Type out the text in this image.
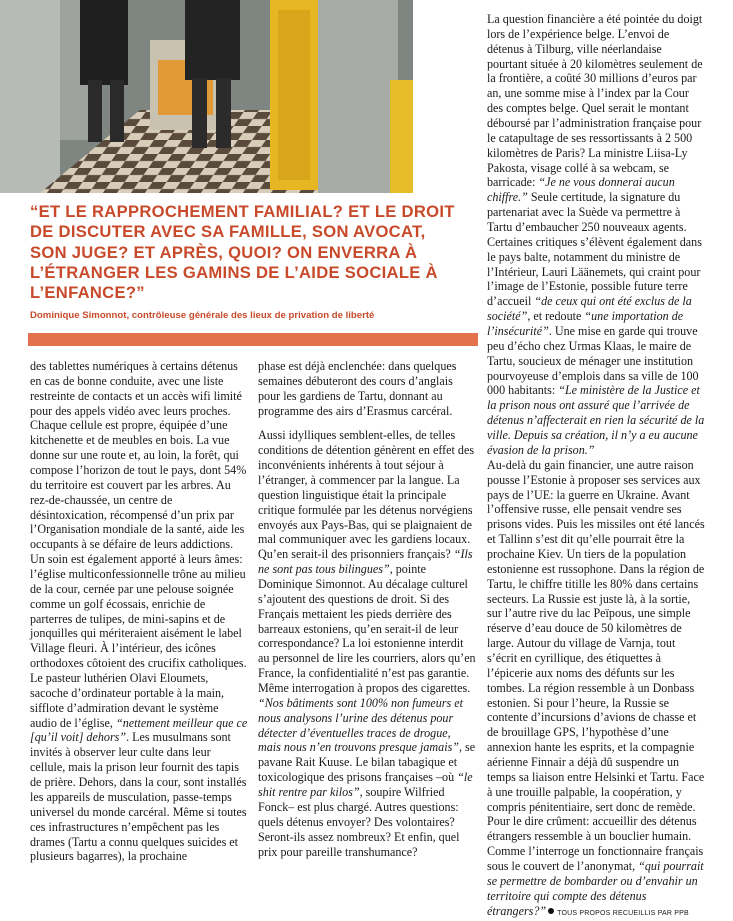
“ET LE RAPPROCHEMENT FAMILIAL? ET LE DROIT DE DISCUTER AVEC SA FAMILLE, SON AVOCAT, SON JUGE? ET APRÈS, QUOI? ON ENVERRA À L’ÉTRANGER LES GAMINS DE L’AIDE SOCIALE À L’ENFANCE?”

Dominique Simonnot, contrôleuse générale des lieux de privation de liberté

des tablettes numériques à certains détenus en cas de bonne conduite, avec une liste restreinte de contacts et un accès wifi limité pour des appels vidéo avec leurs proches. Chaque cellule est propre, équipée d’une kitchenette et de meubles en bois. La vue donne sur une route et, au loin, la forêt, qui compose l’horizon de tout le pays, dont 54% du territoire est couvert par les arbres. Au rez-de-chaussée, un centre de désintoxication, récompensé d’un prix par l’Organisation mondiale de la santé, aide les occupants à se défaire de leurs addictions. Un soin est également apporté à leurs âmes: l’église multiconfessionnelle trône au milieu de la cour, cernée par une pelouse soignée comme un golf écossais, enrichie de parterres de tulipes, de mini-sapins et de jonquilles qui mériteraient aisément le label Village fleuri. À l’intérieur, des icônes orthodoxes côtoient des crucifix catholiques. Le pasteur luthérien Olavi Eloumets, sacoche d’ordinateur portable à la main, sifflote d’admiration devant le système audio de l’église, “nettement meilleur que ce [qu’il voit] dehors”. Les musulmans sont invités à observer leur culte dans leur cellule, mais la prison leur fournit des tapis de prière. Dehors, dans la cour, sont installés les appareils de musculation, passe-temps universel du monde carcéral. Même si toutes ces infrastructures n’empêchent pas les drames (Tartu a connu quelques suicides et plusieurs bagarres), la prochaine

phase est déjà enclenchée: dans quelques semaines débuteront des cours d’anglais pour les gardiens de Tartu, donnant au programme des airs d’Erasmus carcéral.

Aussi idylliques semblent-elles, de telles conditions de détention génèrent en effet des inconvénients inhérents à tout séjour à l’étranger, à commencer par la langue. La question linguistique était la principale critique formulée par les détenus norvégiens envoyés aux Pays-Bas, qui se plaignaient de mal communiquer avec les gardiens locaux. Qu’en serait-il des prisonniers français? “Ils ne sont pas tous bilingues”, pointe Dominique Simonnot. Au décalage culturel s’ajoutent des questions de droit. Si des Français mettaient les pieds derrière des barreaux estoniens, qu’en serait-il de leur correspondance? La loi estonienne interdit au personnel de lire les courriers, alors qu’en France, la confidentialité n’est pas garantie. Même interrogation à propos des cigarettes. “Nos bâtiments sont 100% non fumeurs et nous analysons l’urine des détenus pour détecter d’éventuelles traces de drogue, mais nous n’en trouvons presque jamais”, se pavane Rait Kuuse. Le bilan tabagique et toxicologique des prisons françaises –où “le shit rentre par kilos”, soupire Wilfried Fonck– est plus chargé. Autres questions: quels détenus envoyer? Des volontaires? Seront-ils assez nombreux? Et enfin, quel prix pour pareille transhumance?

La question financière a été pointée du doigt lors de l’expérience belge. L’envoi de détenus à Tilburg, ville néerlandaise pourtant située à 20 kilomètres seulement de la frontière, a coûté 30 millions d’euros par an, une somme mise à l’index par la Cour des comptes belge. Quel serait le montant déboursé par l’administration française pour le catapultage de ses ressortissants à 2 500 kilomètres de Paris? La ministre Liisa-Ly Pakosta, visage collé à sa webcam, se barricade: “Je ne vous donnerai aucun chiffre.” Seule certitude, la signature du partenariat avec la Suède va permettre à Tartu d’embaucher 250 nouveaux agents. Certaines critiques s’élèvent également dans le pays balte, notamment du ministre de l’Intérieur, Lauri Läänemets, qui craint pour l’image de l’Estonie, possible future terre d’accueil “de ceux qui ont été exclus de la société”, et redoute “une importation de l’insécurité”. Une mise en garde qui trouve peu d’écho chez Urmas Klaas, le maire de Tartu, soucieux de ménager une institution pourvoyeuse d’emplois dans sa ville de 100 000 habitants: “Le ministère de la Justice et la prison nous ont assuré que l’arrivée de détenus n’affecterait en rien la sécurité de la ville. Depuis sa création, il n’y a eu aucune évasion de la prison.”

Au-delà du gain financier, une autre raison pousse l’Estonie à proposer ses services aux pays de l’UE: la guerre en Ukraine. Avant l’offensive russe, elle pensait vendre ses prisons vides. Puis les missiles ont été lancés et Tallinn s’est dit qu’elle pourrait être la prochaine Kiev. Un tiers de la population estonienne est russophone. Dans la région de Tartu, le chiffre titille les 80% dans certains secteurs. La Russie est juste là, à la sortie, sur l’autre rive du lac Peïpous, une simple réserve d’eau douce de 50 kilomètres de large. Autour du village de Varnja, tout s’écrit en cyrillique, des étiquettes à l’épicerie aux noms des défunts sur les tombes. La région ressemble à un Donbass estonien. Si pour l’heure, la Russie se contente d’incursions d’avions de chasse et de brouillage GPS, l’hypothèse d’une annexion hante les esprits, et la compagnie aérienne Finnair a déjà dû suspendre un temps sa liaison entre Helsinki et Tartu. Face à une trouille palpable, la coopération, y compris pénitentiaire, sert donc de remède. Pour le dire crûment: accueillir des détenus étrangers ressemble à un bouclier humain. Comme l’interroge un fonctionnaire français sous le couvert de l’anonymat, “qui pourrait se permettre de bombarder ou d’envahir un territoire qui compte des détenus étrangers?” TOUS PROPOS RECUEILLIS PAR PPB
